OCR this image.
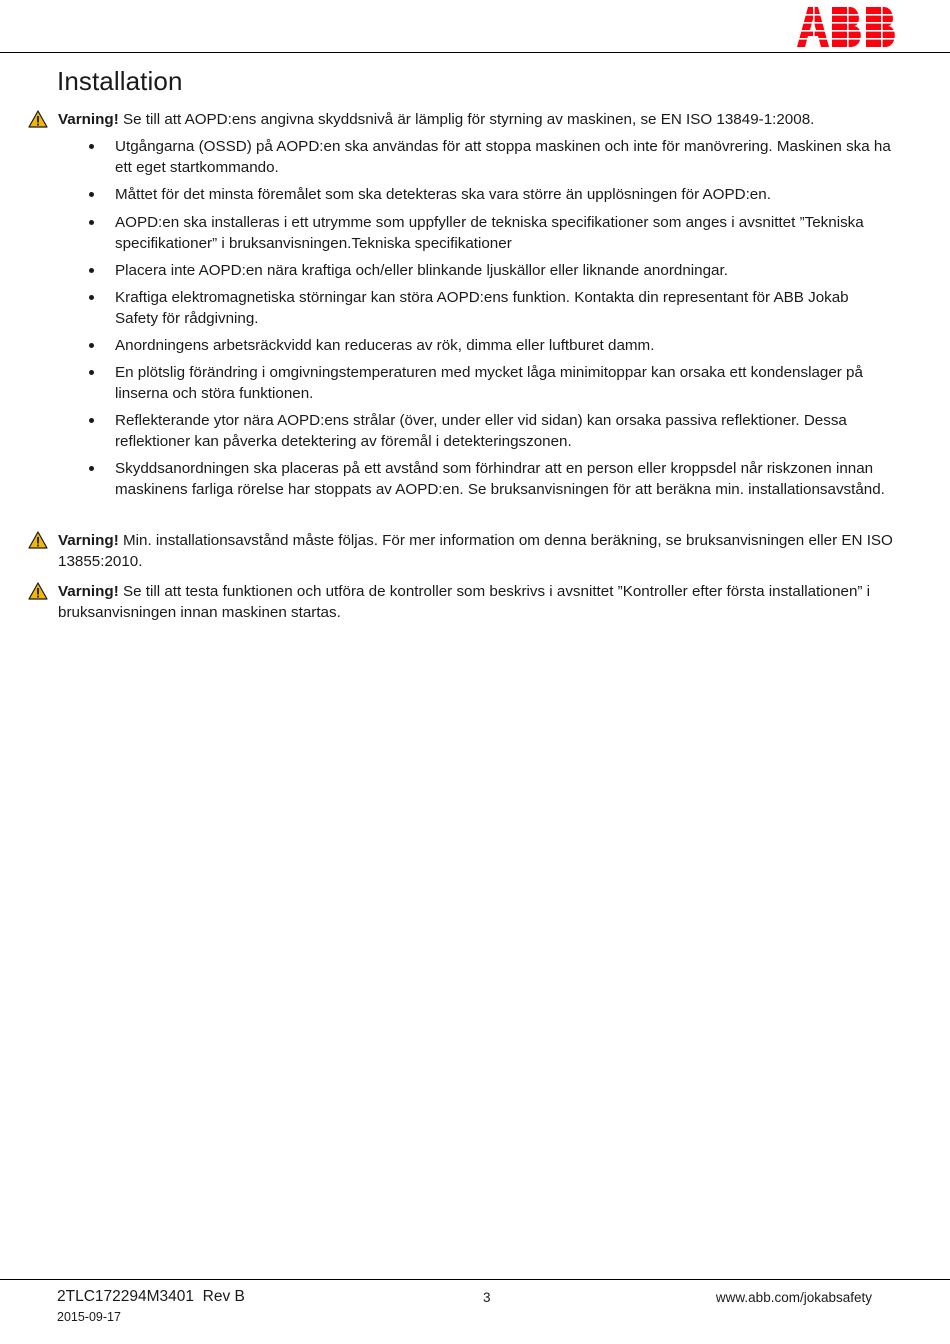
Installation
Varning! Se till att AOPD:ens angivna skyddsnivå är lämplig för styrning av maskinen, se EN ISO 13849-1:2008.
Utgångarna (OSSD) på AOPD:en ska användas för att stoppa maskinen och inte för manövrering. Maskinen ska ha ett eget startkommando.
Måttet för det minsta föremålet som ska detekteras ska vara större än upplösningen för AOPD:en.
AOPD:en ska installeras i ett utrymme som uppfyller de tekniska specifikationer som anges i avsnittet ”Tekniska specifikationer” i bruksanvisningen.Tekniska specifikationer
Placera inte AOPD:en nära kraftiga och/eller blinkande ljuskällor eller liknande anordningar.
Kraftiga elektromagnetiska störningar kan störa AOPD:ens funktion. Kontakta din representant för ABB Jokab Safety för rådgivning.
Anordningens arbetsräckvidd kan reduceras av rök, dimma eller luftburet damm.
En plötslig förändring i omgivningstemperaturen med mycket låga minimitoppar kan orsaka ett kondenslager på linserna och störa funktionen.
Reflekterande ytor nära AOPD:ens strålar (över, under eller vid sidan) kan orsaka passiva reflektioner. Dessa reflektioner kan påverka detektering av föremål i detekteringszonen.
Skyddsanordningen ska placeras på ett avstånd som förhindrar att en person eller kroppsdel når riskzonen innan maskinens farliga rörelse har stoppats av AOPD:en. Se bruksanvisningen för att beräkna min. installationsavstånd.
Varning! Min. installationsavstånd måste följas. För mer information om denna beräkning, se bruksanvisningen eller EN ISO 13855:2010.
Varning! Se till att testa funktionen och utföra de kontroller som beskrivs i avsnittet ”Kontroller efter första installationen” i bruksanvisningen innan maskinen startas.
2TLC172294M3401  Rev B	3	www.abb.com/jokabsafety
2015-09-17
